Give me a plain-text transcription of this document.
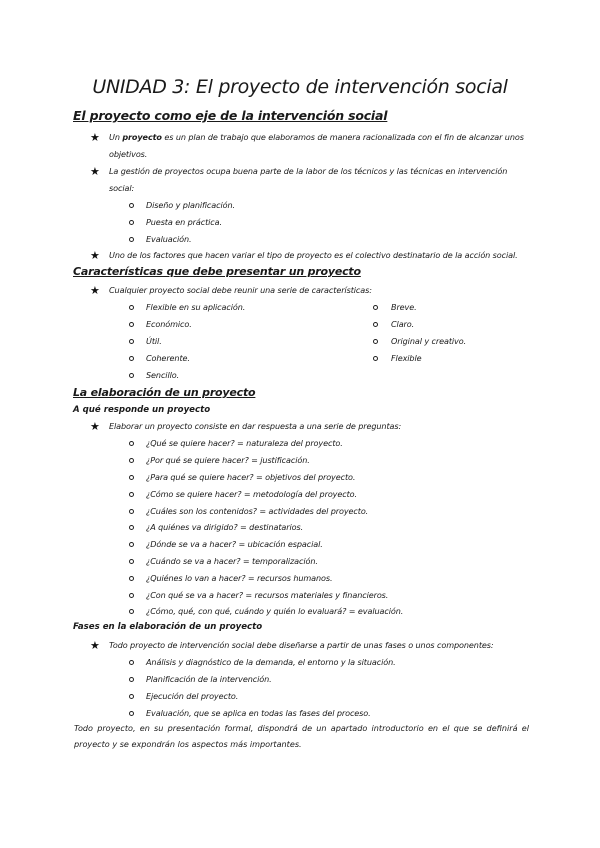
UNIDAD 3: El proyecto de intervención social
El proyecto como eje de la intervención social
★ Un proyecto es un plan de trabajo que elaboramos de manera racionalizada con el fin de alcanzar unos
objetivos.
★ La gestión de proyectos ocupa buena parte de la labor de los técnicos y las técnicas en intervención
social:
Diseño y planificación.
Puesta en práctica.
Evaluación.
★ Uno de los factores que hacen variar el tipo de proyecto es el colectivo destinatario de la acción social.
Características que debe presentar un proyecto
★ Cualquier proyecto social debe reunir una serie de características:
Flexible en su aplicación.
Económico.
Útil.
Coherente.
Sencillo.
Breve.
Claro.
Original y creativo.
Flexible
La elaboración de un proyecto
A qué responde un proyecto
★ Elaborar un proyecto consiste en dar respuesta a una serie de preguntas:
¿Qué se quiere hacer? = naturaleza del proyecto.
¿Por qué se quiere hacer? = justificación.
¿Para qué se quiere hacer? = objetivos del proyecto.
¿Cómo se quiere hacer? = metodología del proyecto.
¿Cuáles son los contenidos? = actividades del proyecto.
¿A quiénes va dirigido? = destinatarios.
¿Dónde se va a hacer? = ubicación espacial.
¿Cuándo se va a hacer? = temporalización.
¿Quiénes lo van a hacer? = recursos humanos.
¿Con qué se va a hacer? = recursos materiales y financieros.
¿Cómo, qué, con qué, cuándo y quién lo evaluará? = evaluación.
Fases en la elaboración de un proyecto
★ Todo proyecto de intervención social debe diseñarse a partir de unas fases o unos componentes:
Análisis y diagnóstico de la demanda, el entorno y la situación.
Planificación de la intervención.
Ejecución del proyecto.
Evaluación, que se aplica en todas las fases del proceso.
Todo proyecto, en su presentación formal, dispondrá de un apartado introductorio en el que se definirá el proyecto y se expondrán los aspectos más importantes.
